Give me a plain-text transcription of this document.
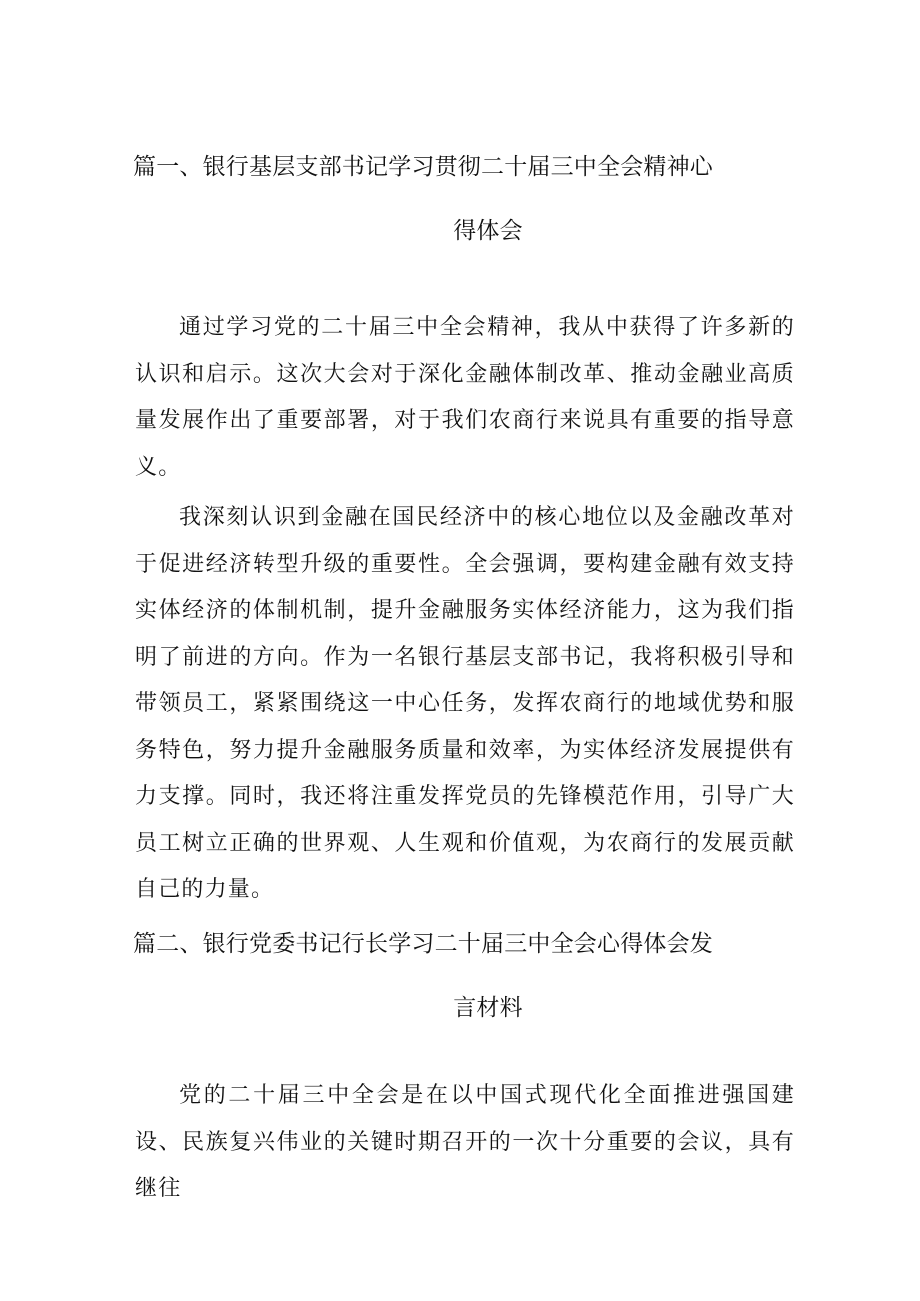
篇一、银行基层支部书记学习贯彻二十届三中全会精神心
得体会

通过学习党的二十届三中全会精神，我从中获得了许多新的认识和启示。这次大会对于深化金融体制改革、推动金融业高质量发展作出了重要部署，对于我们农商行来说具有重要的指导意义。

我深刻认识到金融在国民经济中的核心地位以及金融改革对于促进经济转型升级的重要性。全会强调，要构建金融有效支持实体经济的体制机制，提升金融服务实体经济能力，这为我们指明了前进的方向。作为一名银行基层支部书记，我将积极引导和带领员工，紧紧围绕这一中心任务，发挥农商行的地域优势和服务特色，努力提升金融服务质量和效率，为实体经济发展提供有力支撑。同时，我还将注重发挥党员的先锋模范作用，引导广大员工树立正确的世界观、人生观和价值观，为农商行的发展贡献自己的力量。

篇二、银行党委书记行长学习二十届三中全会心得体会发
言材料

党的二十届三中全会是在以中国式现代化全面推进强国建设、民族复兴伟业的关键时期召开的一次十分重要的会议，具有继往
